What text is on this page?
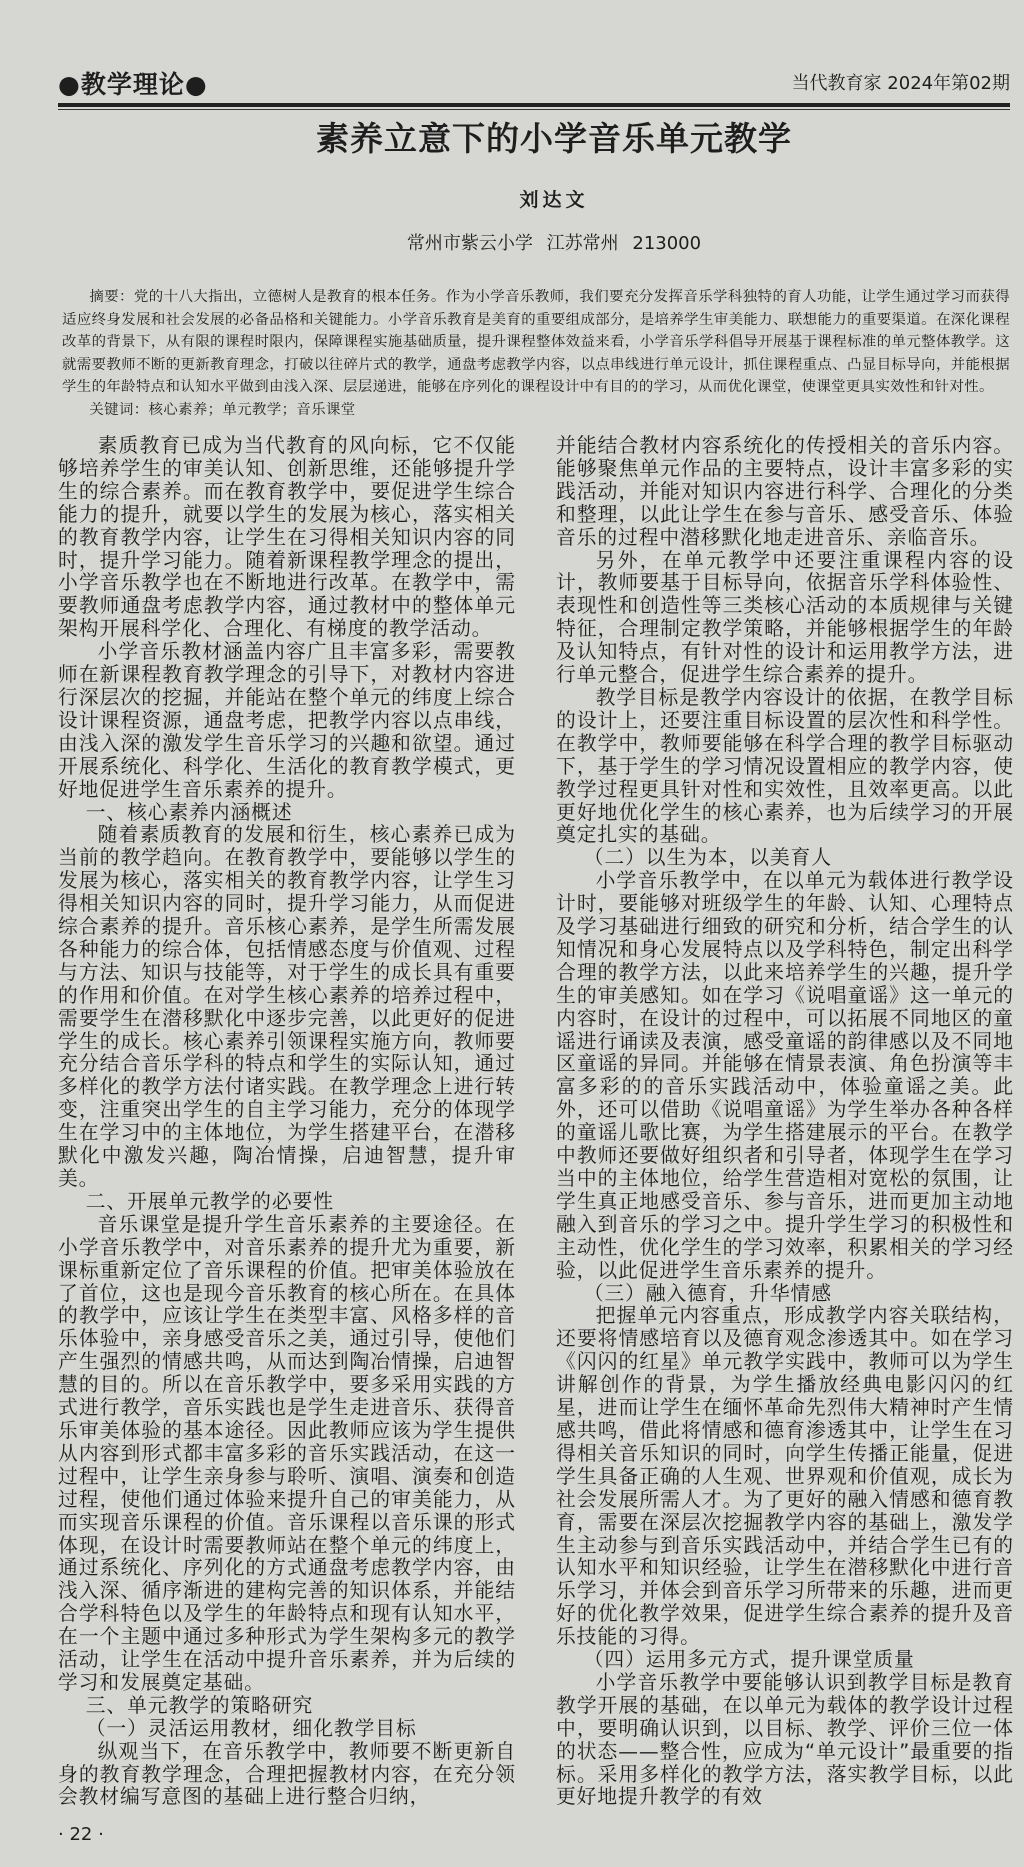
●教学理论●	当代教育家 2024年第02期
素养立意下的小学音乐单元教学
刘达文
常州市紫云小学 江苏常州 213000

摘要：党的十八大指出，立德树人是教育的根本任务。作为小学音乐教师，我们要充分发挥音乐学科独特的育人功能，让学生通过学习而获得适应终身发展和社会发展的必备品格和关键能力。小学音乐教育是美育的重要组成部分，是培养学生审美能力、联想能力的重要渠道。在深化课程改革的背景下，从有限的课程时限内，保障课程实施基础质量，提升课程整体效益来看，小学音乐学科倡导开展基于课程标准的单元整体教学。这就需要教师不断的更新教育理念，打破以往碎片式的教学，通盘考虑教学内容，以点串线进行单元设计，抓住课程重点、凸显目标导向，并能根据学生的年龄特点和认知水平做到由浅入深、层层递进，能够在序列化的课程设计中有目的的学习，从而优化课堂，使课堂更具实效性和针对性。

关键词：核心素养；单元教学；音乐课堂

素质教育已成为当代教育的风向标，它不仅能够培养学生的审美认知、创新思维，还能够提升学生的综合素养。而在教育教学中，要促进学生综合能力的提升，就要以学生的发展为核心，落实相关的教育教学内容，让学生在习得相关知识内容的同时，提升学习能力。随着新课程教学理念的提出，小学音乐教学也在不断地进行改革。在教学中，需要教师通盘考虑教学内容，通过教材中的整体单元架构开展科学化、合理化、有梯度的教学活动。

小学音乐教材涵盖内容广且丰富多彩，需要教师在新课程教育教学理念的引导下，对教材内容进行深层次的挖掘，并能站在整个单元的纬度上综合设计课程资源，通盘考虑，把教学内容以点串线，由浅入深的激发学生音乐学习的兴趣和欲望。通过开展系统化、科学化、生活化的教育教学模式，更好地促进学生音乐素养的提升。

一、核心素养内涵概述

随着素质教育的发展和衍生，核心素养已成为当前的教学趋向。在教育教学中，要能够以学生的发展为核心，落实相关的教育教学内容，让学生习得相关知识内容的同时，提升学习能力，从而促进综合素养的提升。音乐核心素养，是学生所需发展各种能力的综合体，包括情感态度与价值观、过程与方法、知识与技能等，对于学生的成长具有重要的作用和价值。在对学生核心素养的培养过程中，需要学生在潜移默化中逐步完善，以此更好的促进学生的成长。核心素养引领课程实施方向，教师要充分结合音乐学科的特点和学生的实际认知，通过多样化的教学方法付诸实践。在教学理念上进行转变，注重突出学生的自主学习能力，充分的体现学生在学习中的主体地位，为学生搭建平台，在潜移默化中激发兴趣，陶冶情操，启迪智慧，提升审美。

二、开展单元教学的必要性

音乐课堂是提升学生音乐素养的主要途径。在小学音乐教学中，对音乐素养的提升尤为重要，新课标重新定位了音乐课程的价值。把审美体验放在了首位，这也是现今音乐教育的核心所在。在具体的教学中，应该让学生在类型丰富、风格多样的音乐体验中，亲身感受音乐之美，通过引导，使他们产生强烈的情感共鸣，从而达到陶冶情操，启迪智慧的目的。所以在音乐教学中，要多采用实践的方式进行教学，音乐实践也是学生走进音乐、获得音乐审美体验的基本途径。因此教师应该为学生提供从内容到形式都丰富多彩的音乐实践活动，在这一过程中，让学生亲身参与聆听、演唱、演奏和创造过程，使他们通过体验来提升自己的审美能力，从而实现音乐课程的价值。音乐课程以音乐课的形式体现，在设计时需要教师站在整个单元的纬度上，通过系统化、序列化的方式通盘考虑教学内容，由浅入深、循序渐进的建构完善的知识体系，并能结合学科特色以及学生的年龄特点和现有认知水平，在一个主题中通过多种形式为学生架构多元的教学活动，让学生在活动中提升音乐素养，并为后续的学习和发展奠定基础。

三、单元教学的策略研究
（一）灵活运用教材，细化教学目标

纵观当下，在音乐教学中，教师要不断更新自身的教育教学理念，合理把握教材内容，在充分领会教材编写意图的基础上进行整合归纳，

并能结合教材内容系统化的传授相关的音乐内容。能够聚焦单元作品的主要特点，设计丰富多彩的实践活动，并能对知识内容进行科学、合理化的分类和整理，以此让学生在参与音乐、感受音乐、体验音乐的过程中潜移默化地走进音乐、亲临音乐。

另外，在单元教学中还要注重课程内容的设计，教师要基于目标导向，依据音乐学科体验性、表现性和创造性等三类核心活动的本质规律与关键特征，合理制定教学策略，并能够根据学生的年龄及认知特点，有针对性的设计和运用教学方法，进行单元整合，促进学生综合素养的提升。

教学目标是教学内容设计的依据，在教学目标的设计上，还要注重目标设置的层次性和科学性。在教学中，教师要能够在科学合理的教学目标驱动下，基于学生的学习情况设置相应的教学内容，使教学过程更具针对性和实效性，且效率更高。以此更好地优化学生的核心素养，也为后续学习的开展奠定扎实的基础。

（二）以生为本，以美育人

小学音乐教学中，在以单元为载体进行教学设计时，要能够对班级学生的年龄、认知、心理特点及学习基础进行细致的研究和分析，结合学生的认知情况和身心发展特点以及学科特色，制定出科学合理的教学方法，以此来培养学生的兴趣，提升学生的审美感知。如在学习《说唱童谣》这一单元的内容时，在设计的过程中，可以拓展不同地区的童谣进行诵读及表演，感受童谣的韵律感以及不同地区童谣的异同。并能够在情景表演、角色扮演等丰富多彩的的音乐实践活动中，体验童谣之美。此外，还可以借助《说唱童谣》为学生举办各种各样的童谣儿歌比赛，为学生搭建展示的平台。在教学中教师还要做好组织者和引导者，体现学生在学习当中的主体地位，给学生营造相对宽松的氛围，让学生真正地感受音乐、参与音乐，进而更加主动地融入到音乐的学习之中。提升学生学习的积极性和主动性，优化学生的学习效率，积累相关的学习经验，以此促进学生音乐素养的提升。

（三）融入德育，升华情感

把握单元内容重点，形成教学内容关联结构，还要将情感培育以及德育观念渗透其中。如在学习《闪闪的红星》单元教学实践中，教师可以为学生讲解创作的背景，为学生播放经典电影闪闪的红星，进而让学生在缅怀革命先烈伟大精神时产生情感共鸣，借此将情感和德育渗透其中，让学生在习得相关音乐知识的同时，向学生传播正能量，促进学生具备正确的人生观、世界观和价值观，成长为社会发展所需人才。为了更好的融入情感和德育教育，需要在深层次挖掘教学内容的基础上，激发学生主动参与到音乐实践活动中，并结合学生已有的认知水平和知识经验，让学生在潜移默化中进行音乐学习，并体会到音乐学习所带来的乐趣，进而更好的优化教学效果，促进学生综合素养的提升及音乐技能的习得。

（四）运用多元方式，提升课堂质量

小学音乐教学中要能够认识到教学目标是教育教学开展的基础，在以单元为载体的教学设计过程中，要明确认识到，以目标、教学、评价三位一体的状态——整合性，应成为“单元设计”最重要的指标。采用多样化的教学方法，落实教学目标，以此更好地提升教学的有效

· 22 ·
